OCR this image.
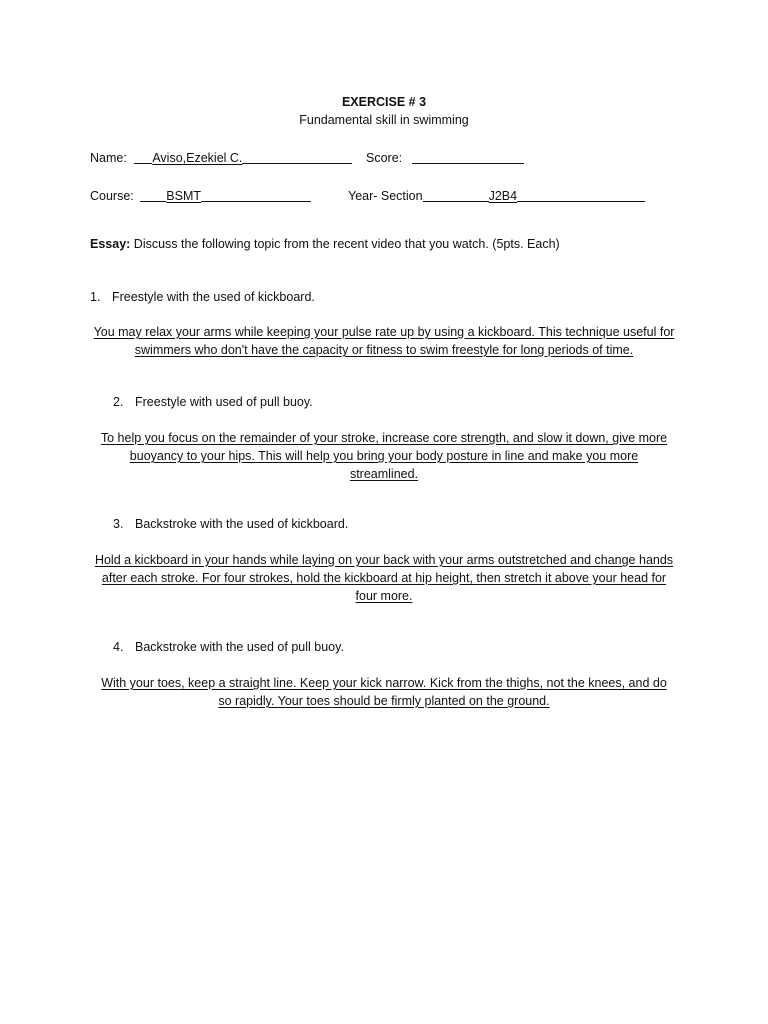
EXERCISE # 3
Fundamental skill in swimming
Name: Aviso,Ezekiel C.	Score:
Course:	BSMT	Year- Section	J2B4
Essay: Discuss the following topic from the recent video that you watch. (5pts. Each)
1. Freestyle with the used of kickboard.
You may relax your arms while keeping your pulse rate up by using a kickboard. This technique useful for
swimmers who don't have the capacity or fitness to swim freestyle for long periods of time.
2. Freestyle with used of pull buoy.
To help you focus on the remainder of your stroke, increase core strength, and slow it down, give more
buoyancy to your hips. This will help you bring your body posture in line and make you more
streamlined.
3. Backstroke with the used of kickboard.
Hold a kickboard in your hands while laying on your back with your arms outstretched and change hands
after each stroke. For four strokes, hold the kickboard at hip height, then stretch it above your head for
four more.
4. Backstroke with the used of pull buoy.
With your toes, keep a straight line. Keep your kick narrow. Kick from the thighs, not the knees, and do
so rapidly. Your toes should be firmly planted on the ground.
